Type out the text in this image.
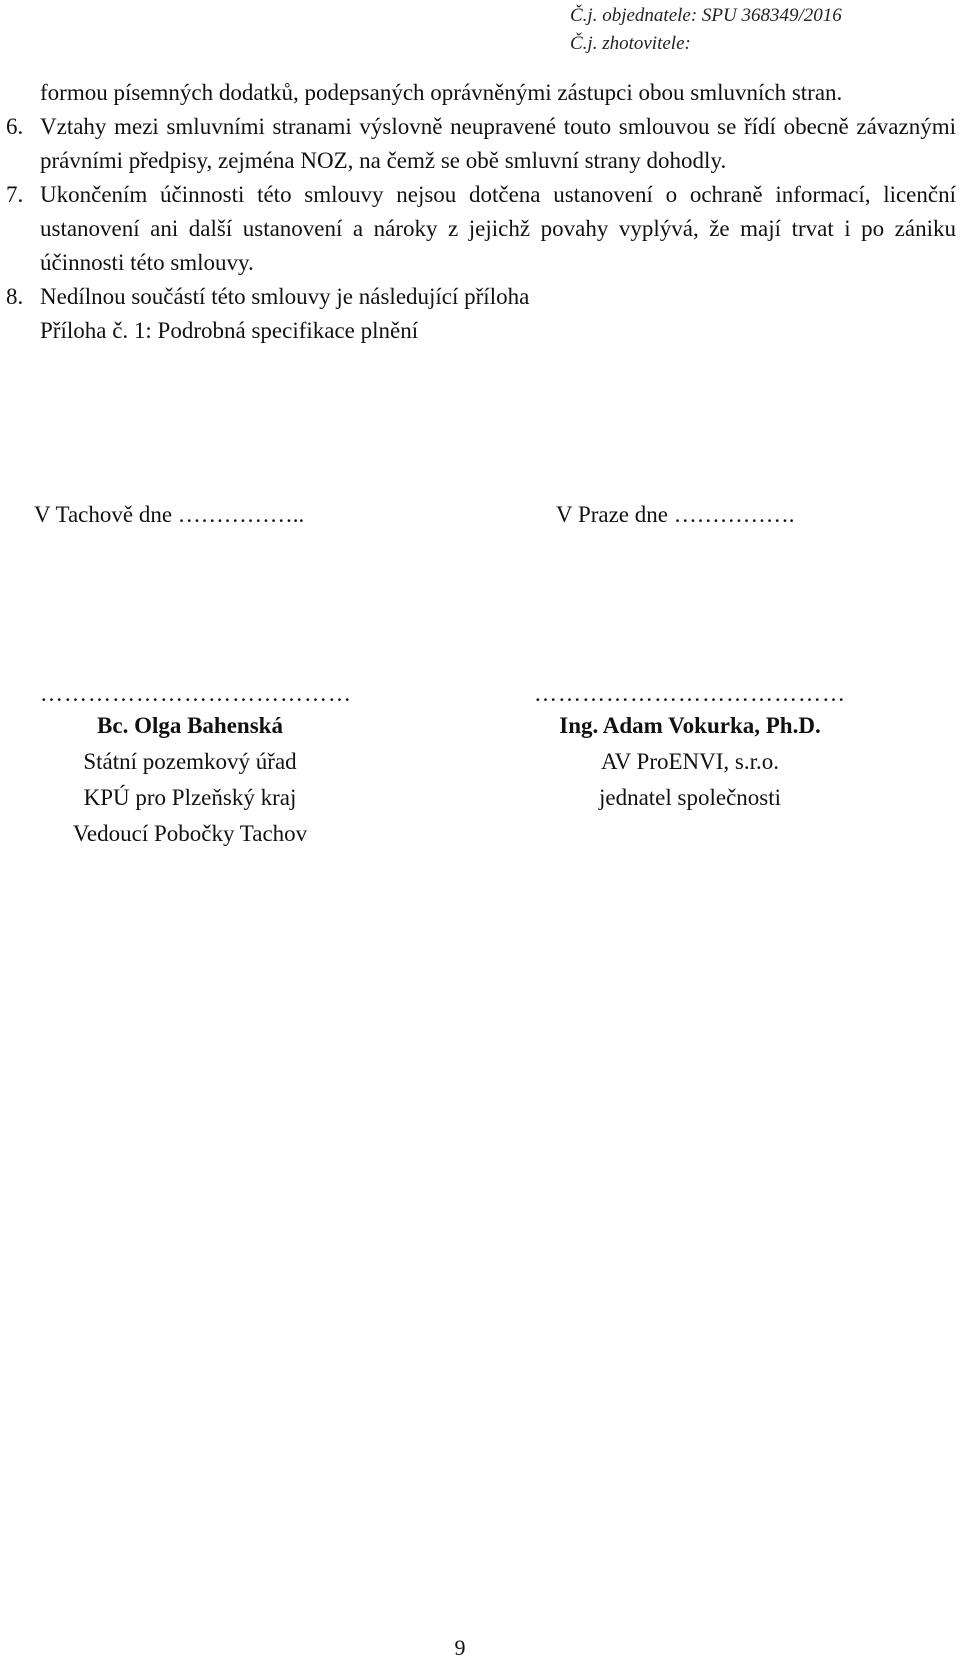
Č.j. objednatele: SPU 368349/2016
Č.j. zhotovitele:

formou písemných dodatků, podepsaných oprávněnými zástupci obou smluvních stran.

6. Vztahy mezi smluvními stranami výslovně neupravené touto smlouvou se řídí obecně závaznými právními předpisy, zejména NOZ, na čemž se obě smluvní strany dohodly.

7. Ukončením účinnosti této smlouvy nejsou dotčena ustanovení o ochraně informací, licenční ustanovení ani další ustanovení a nároky z jejichž povahy vyplývá, že mají trvat i po zániku účinnosti této smlouvy.

8. Nedílnou součástí této smlouvy je následující příloha

Příloha č. 1: Podrobná specifikace plnění

V Tachově dne ……………..	V Praze dne …………….
…………………………………
Bc. Olga Bahenská
Státní pozemkový úřad
KPÚ pro Plzeňský kraj
Vedoucí Pobočky Tachov
…………………………………
Ing. Adam Vokurka, Ph.D.
AV ProENVI, s.r.o.
jednatel společnosti
9
